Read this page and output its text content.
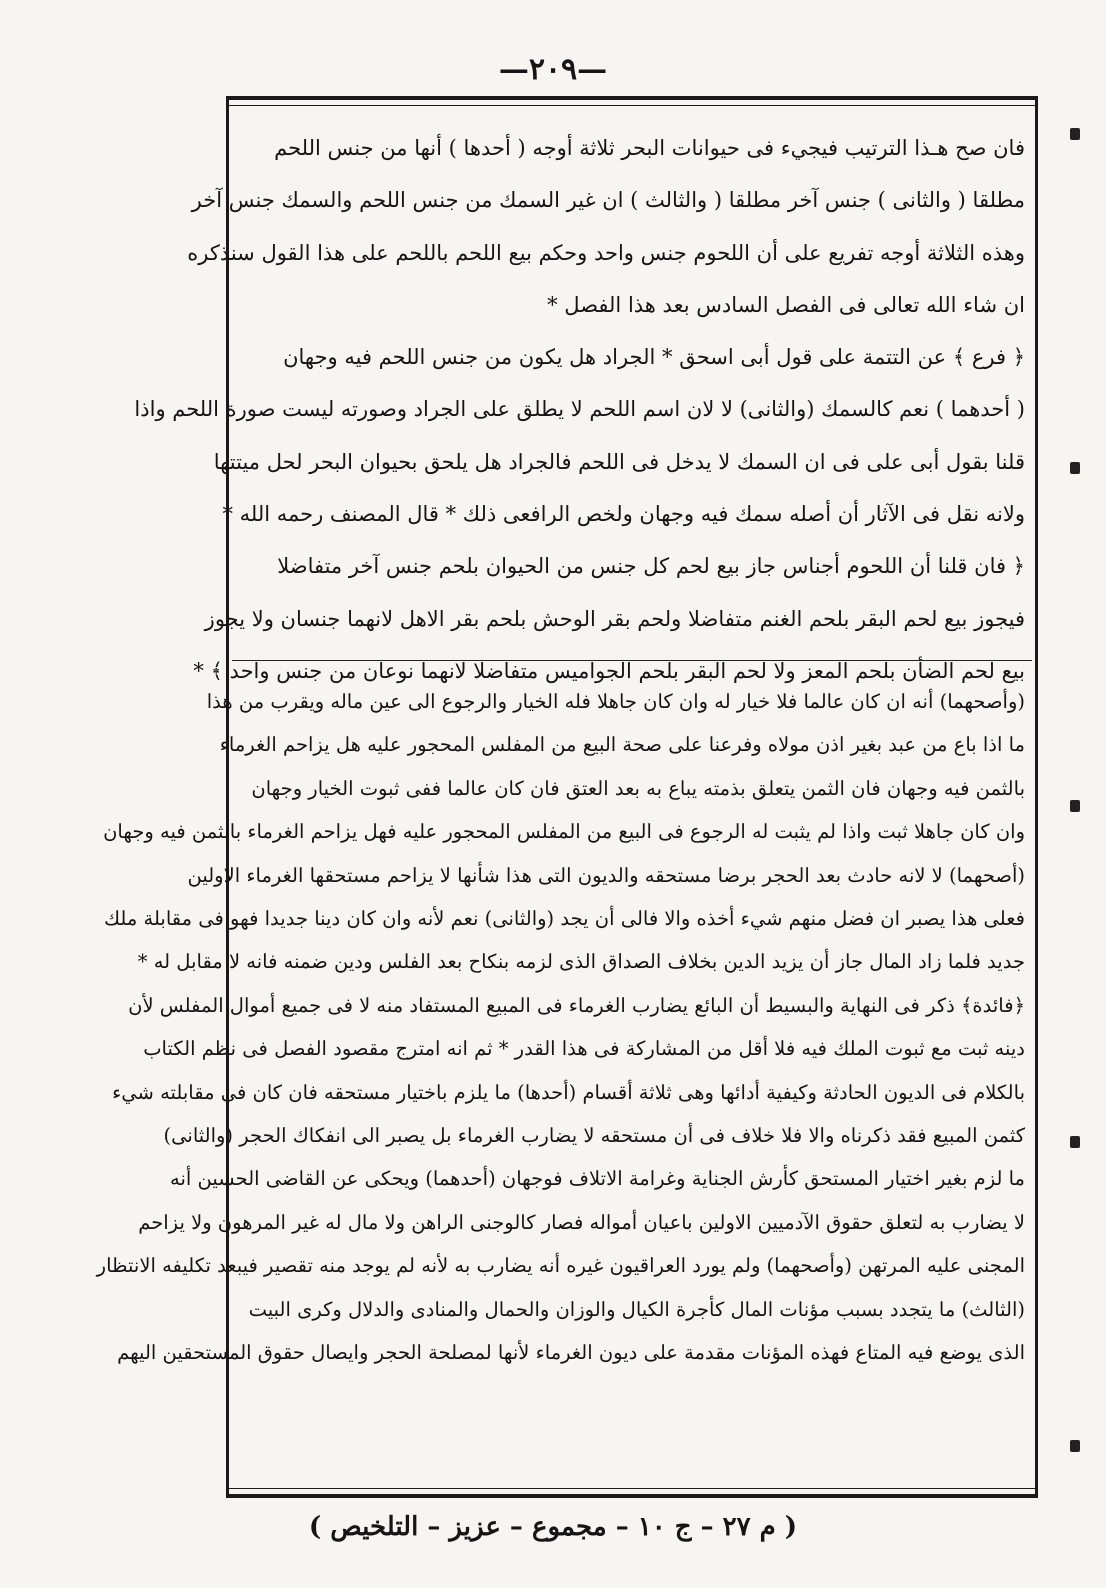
—۲۰۹—
فان صح هـذا الترتيب فيجيء فى حيوانات البحر ثلاثة أوجه ( أحدها ) أنها من جنس اللحم
مطلقا ( والثانى ) جنس آخر مطلقا ( والثالث ) ان غير السمك من جنس اللحم والسمك جنس آخر
وهذه الثلاثة أوجه تفريع على أن اللحوم جنس واحد وحكم بيع اللحم باللحم على هذا القول سنذكره
ان شاء الله تعالى فى الفصل السادس بعد هذا الفصل *
﴿ فرع ﴾ عن التتمة على قول أبى اسحق * الجراد هل يكون من جنس اللحم فيه وجهان
( أحدهما ) نعم كالسمك (والثانى) لا لان اسم اللحم لا يطلق على الجراد وصورته ليست صورة اللحم واذا
قلنا بقول أبى على فى ان السمك لا يدخل فى اللحم فالجراد هل يلحق بحيوان البحر لحل ميتتها
ولانه نقل فى الآثار أن أصله سمك فيه وجهان ولخص الرافعى ذلك * قال المصنف رحمه الله *
﴿ فان قلنا أن اللحوم أجناس جاز بيع لحم كل جنس من الحيوان بلحم جنس آخر متفاضلا
فيجوز بيع لحم البقر بلحم الغنم متفاضلا ولحم بقر الوحش بلحم بقر الاهل لانهما جنسان ولا يجوز
بيع لحم الضأن بلحم المعز ولا لحم البقر بلحم الجواميس متفاضلا لانهما نوعان من جنس واحد ﴾ *
(وأصحهما) أنه ان كان عالما فلا خيار له وان كان جاهلا فله الخيار والرجوع الى عين ماله ويقرب من هذا
ما اذا باع من عبد بغير اذن مولاه وفرعنا على صحة البيع من المفلس المحجور عليه هل يزاحم الغرماء
بالثمن فيه وجهان فان الثمن يتعلق بذمته يباع به بعد العتق فان كان عالما ففى ثبوت الخيار وجهان
وان كان جاهلا ثبت واذا لم يثبت له الرجوع فى البيع من المفلس المحجور عليه فهل يزاحم الغرماء بالثمن فيه وجهان
(أصحهما) لا لانه حادث بعد الحجر برضا مستحقه والديون التى هذا شأنها لا يزاحم مستحقها الغرماء الاولين
فعلى هذا يصبر ان فضل منهم شيء أخذه والا فالى أن يجد (والثانى) نعم لأنه وان كان دينا جديدا فهو فى مقابلة ملك
جديد فلما زاد المال جاز أن يزيد الدين بخلاف الصداق الذى لزمه بنكاح بعد الفلس ودين ضمنه فانه لا مقابل له *
﴿فائدة﴾ ذكر فى النهاية والبسيط أن البائع يضارب الغرماء فى المبيع المستفاد منه لا فى جميع أموال المفلس لأن
دينه ثبت مع ثبوت الملك فيه فلا أقل من المشاركة فى هذا القدر * ثم انه امترج مقصود الفصل فى نظم الكتاب
بالكلام فى الديون الحادثة وكيفية أدائها وهى ثلاثة أقسام (أحدها) ما يلزم باختيار مستحقه فان كان فى مقابلته شيء
كثمن المبيع فقد ذكرناه والا فلا خلاف فى أن مستحقه لا يضارب الغرماء بل يصبر الى انفكاك الحجر (والثانى)
ما لزم بغير اختيار المستحق كأرش الجناية وغرامة الاتلاف فوجهان (أحدهما) ويحكى عن القاضى الحسين أنه
لا يضارب به لتعلق حقوق الآدميين الاولين باعيان أمواله فصار كالوجنى الراهن ولا مال له غير المرهون ولا يزاحم
المجنى عليه المرتهن (وأصحهما) ولم يورد العراقيون غيره أنه يضارب به لأنه لم يوجد منه تقصير فيبعد تكليفه الانتظار
(الثالث) ما يتجدد بسبب مؤنات المال كأجرة الكيال والوزان والحمال والمنادى والدلال وكرى البيت
الذى يوضع فيه المتاع فهذه المؤنات مقدمة على ديون الغرماء لأنها لمصلحة الحجر وايصال حقوق المستحقين اليهم
( م ۲۷ – ج ۱۰ – مجموع – عزيز – التلخيص )
